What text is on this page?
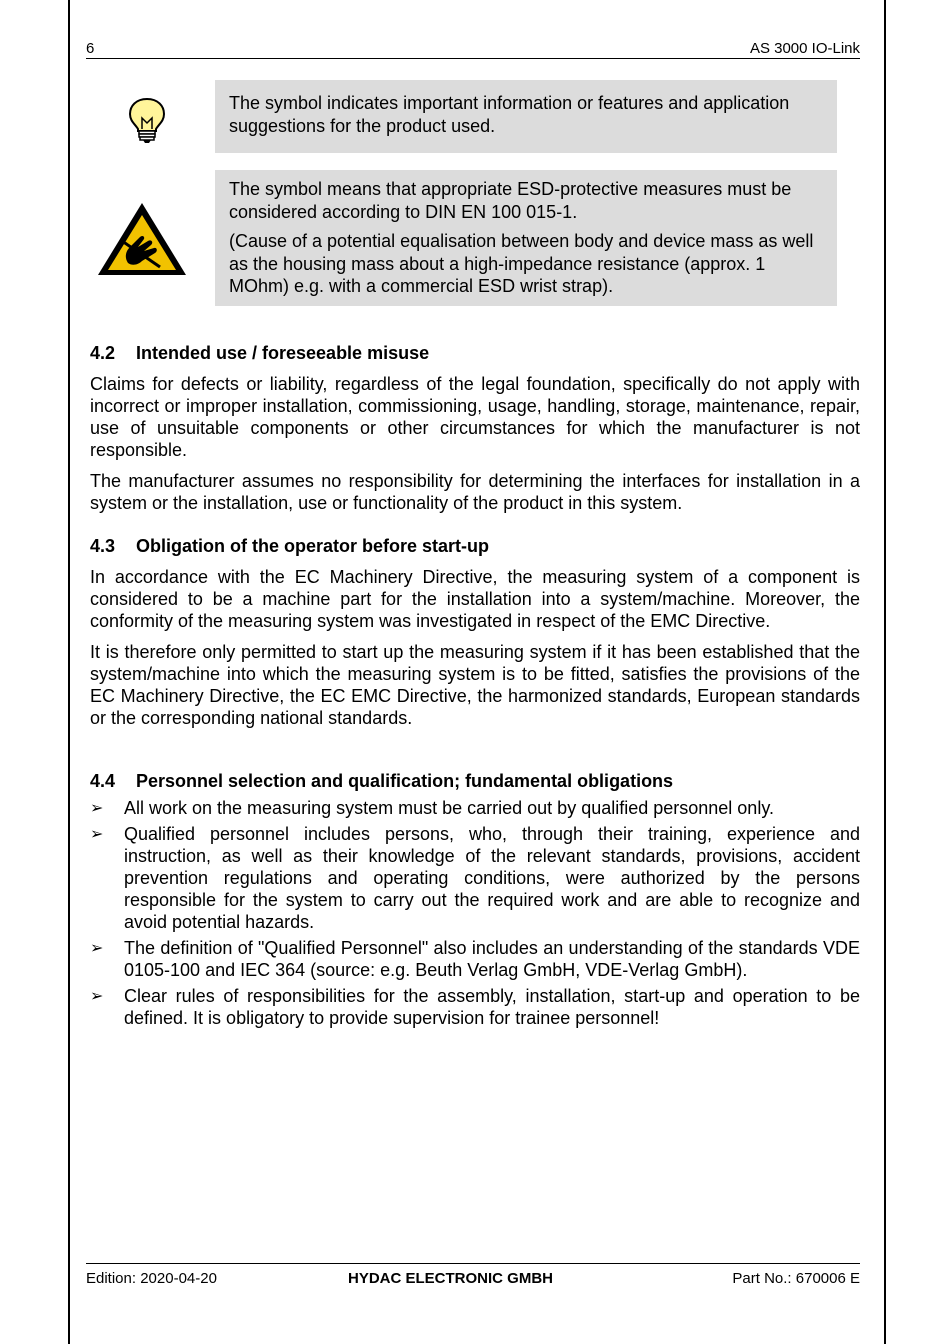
6	AS 3000 IO-Link

The symbol indicates important information or features and application suggestions for the product used.

The symbol means that appropriate ESD-protective measures must be considered according to DIN EN 100 015-1.

(Cause of a potential equalisation between body and device mass as well as the housing mass about a high-impedance resistance (approx. 1 MOhm) e.g. with a commercial ESD wrist strap).

4.2 Intended use / foreseeable misuse

Claims for defects or liability, regardless of the legal foundation, specifically do not apply with incorrect or improper installation, commissioning, usage, handling, storage, maintenance, repair, use of unsuitable components or other circumstances for which the manufacturer is not responsible.

The manufacturer assumes no responsibility for determining the interfaces for installation in a system or the installation, use or functionality of the product in this system.

4.3 Obligation of the operator before start-up

In accordance with the EC Machinery Directive, the measuring system of a component is considered to be a machine part for the installation into a system/machine. Moreover, the conformity of the measuring system was investigated in respect of the EMC Directive.

It is therefore only permitted to start up the measuring system if it has been established that the system/machine into which the measuring system is to be fitted, satisfies the provisions of the EC Machinery Directive, the EC EMC Directive, the harmonized standards, European standards or the corresponding national standards.

4.4 Personnel selection and qualification; fundamental obligations
➢ All work on the measuring system must be carried out by qualified personnel only.
➢ Qualified personnel includes persons, who, through their training, experience and instruction, as well as their knowledge of the relevant standards, provisions, accident prevention regulations and operating conditions, were authorized by the persons responsible for the system to carry out the required work and are able to recognize and avoid potential hazards.
➢ The definition of "Qualified Personnel" also includes an understanding of the standards VDE 0105-100 and IEC 364 (source: e.g. Beuth Verlag GmbH, VDE-Verlag GmbH).
➢ Clear rules of responsibilities for the assembly, installation, start-up and operation to be defined. It is obligatory to provide supervision for trainee personnel!
Edition: 2020-04-20	HYDAC ELECTRONIC GMBH	Part No.: 670006 E
